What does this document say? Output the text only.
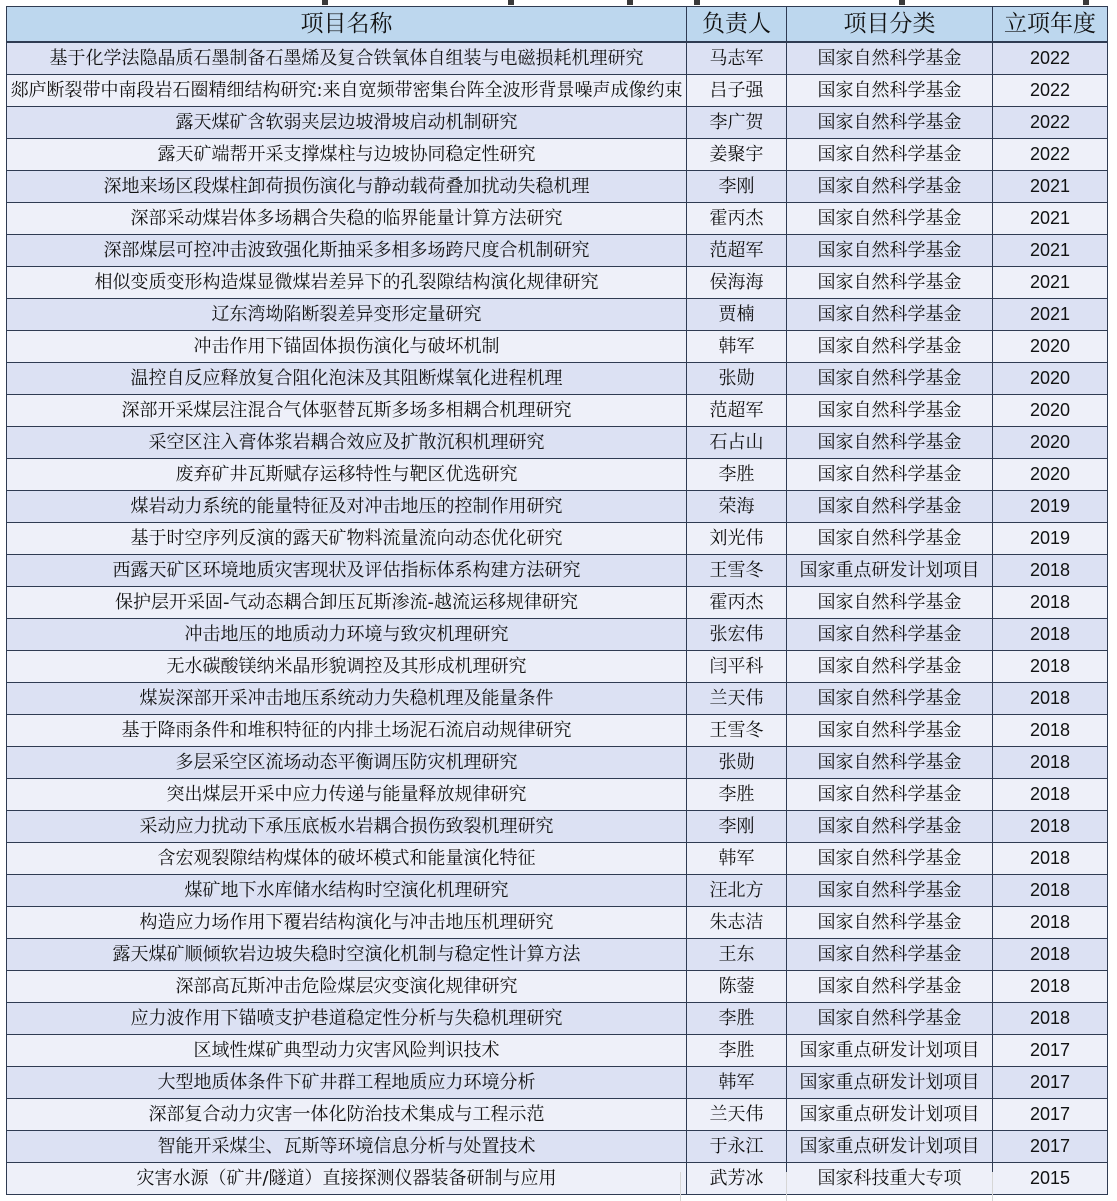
项目名称	负责人	项目分类	立项年度
基于化学法隐晶质石墨制备石墨烯及复合铁氧体自组装与电磁损耗机理研究	马志军	国家自然科学基金	2022
郯庐断裂带中南段岩石圈精细结构研究:来自宽频带密集台阵全波形背景噪声成像约束	吕子强	国家自然科学基金	2022
露天煤矿含软弱夹层边坡滑坡启动机制研究	李广贺	国家自然科学基金	2022
露天矿端帮开采支撑煤柱与边坡协同稳定性研究	姜聚宇	国家自然科学基金	2022
深地来场区段煤柱卸荷损伤演化与静动载荷叠加扰动失稳机理	李刚	国家自然科学基金	2021
深部采动煤岩体多场耦合失稳的临界能量计算方法研究	霍丙杰	国家自然科学基金	2021
深部煤层可控冲击波致强化斯抽采多相多场跨尺度合机制研究	范超军	国家自然科学基金	2021
相似变质变形构造煤显微煤岩差异下的孔裂隙结构演化规律研究	侯海海	国家自然科学基金	2021
辽东湾坳陷断裂差异变形定量研究	贾楠	国家自然科学基金	2021
冲击作用下锚固体损伤演化与破坏机制	韩军	国家自然科学基金	2020
温控自反应释放复合阻化泡沫及其阻断煤氧化进程机理	张勋	国家自然科学基金	2020
深部开采煤层注混合气体驱替瓦斯多场多相耦合机理研究	范超军	国家自然科学基金	2020
采空区注入膏体浆岩耦合效应及扩散沉积机理研究	石占山	国家自然科学基金	2020
废弃矿井瓦斯赋存运移特性与靶区优选研究	李胜	国家自然科学基金	2020
煤岩动力系统的能量特征及对冲击地压的控制作用研究	荣海	国家自然科学基金	2019
基于时空序列反演的露天矿物料流量流向动态优化研究	刘光伟	国家自然科学基金	2019
西露天矿区环境地质灾害现状及评估指标体系构建方法研究	王雪冬	国家重点研发计划项目	2018
保护层开采固-气动态耦合卸压瓦斯渗流-越流运移规律研究	霍丙杰	国家自然科学基金	2018
冲击地压的地质动力环境与致灾机理研究	张宏伟	国家自然科学基金	2018
无水碳酸镁纳米晶形貌调控及其形成机理研究	闫平科	国家自然科学基金	2018
煤炭深部开采冲击地压系统动力失稳机理及能量条件	兰天伟	国家自然科学基金	2018
基于降雨条件和堆积特征的内排土场泥石流启动规律研究	王雪冬	国家自然科学基金	2018
多层采空区流场动态平衡调压防灾机理研究	张勋	国家自然科学基金	2018
突出煤层开采中应力传递与能量释放规律研究	李胜	国家自然科学基金	2018
采动应力扰动下承压底板水岩耦合损伤致裂机理研究	李刚	国家自然科学基金	2018
含宏观裂隙结构煤体的破坏模式和能量演化特征	韩军	国家自然科学基金	2018
煤矿地下水库储水结构时空演化机理研究	汪北方	国家自然科学基金	2018
构造应力场作用下覆岩结构演化与冲击地压机理研究	朱志洁	国家自然科学基金	2018
露天煤矿顺倾软岩边坡失稳时空演化机制与稳定性计算方法	王东	国家自然科学基金	2018
深部高瓦斯冲击危险煤层灾变演化规律研究	陈蓥	国家自然科学基金	2018
应力波作用下锚喷支护巷道稳定性分析与失稳机理研究	李胜	国家自然科学基金	2018
区域性煤矿典型动力灾害风险判识技术	李胜	国家重点研发计划项目	2017
大型地质体条件下矿井群工程地质应力环境分析	韩军	国家重点研发计划项目	2017
深部复合动力灾害一体化防治技术集成与工程示范	兰天伟	国家重点研发计划项目	2017
智能开采煤尘、瓦斯等环境信息分析与处置技术	于永江	国家重点研发计划项目	2017
灾害水源（矿井/隧道）直接探测仪器装备研制与应用	武芳冰	国家科技重大专项	2015
